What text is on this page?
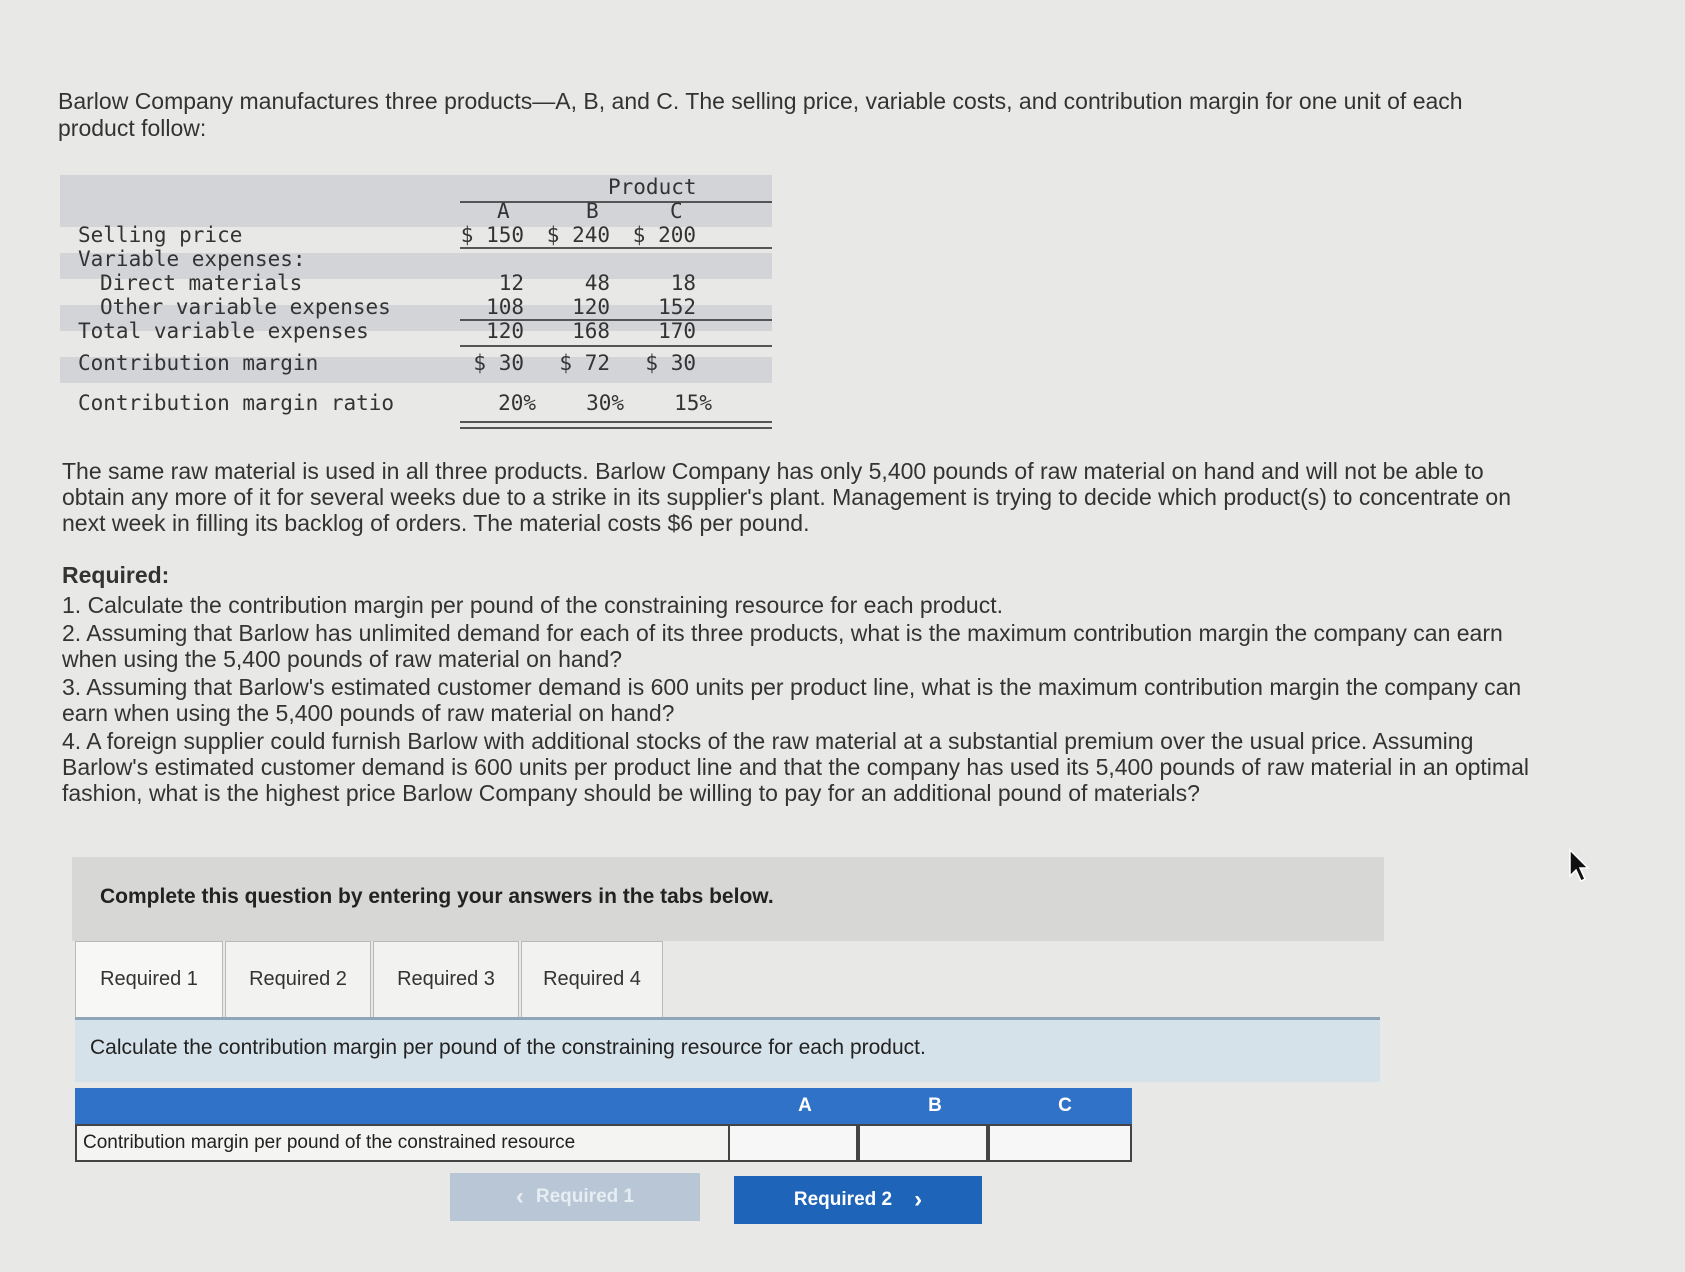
Barlow Company manufactures three products—A, B, and C. The selling price, variable costs, and contribution margin for one unit of each product follow:
Product
A	B	C
Selling price	$ 150	$ 240	$ 200
Variable expenses:
Direct materials	12	48	18
Other variable expenses	108	120	152
Total variable expenses	120	168	170
Contribution margin	$ 30	$ 72	$ 30
Contribution margin ratio	20%	30%	15%
The same raw material is used in all three products. Barlow Company has only 5,400 pounds of raw material on hand and will not be able to obtain any more of it for several weeks due to a strike in its supplier's plant. Management is trying to decide which product(s) to concentrate on next week in filling its backlog of orders. The material costs $6 per pound.
Required:
1. Calculate the contribution margin per pound of the constraining resource for each product.
2. Assuming that Barlow has unlimited demand for each of its three products, what is the maximum contribution margin the company can earn when using the 5,400 pounds of raw material on hand?
3. Assuming that Barlow's estimated customer demand is 600 units per product line, what is the maximum contribution margin the company can earn when using the 5,400 pounds of raw material on hand?
4. A foreign supplier could furnish Barlow with additional stocks of the raw material at a substantial premium over the usual price. Assuming Barlow's estimated customer demand is 600 units per product line and that the company has used its 5,400 pounds of raw material in an optimal fashion, what is the highest price Barlow Company should be willing to pay for an additional pound of materials?
Complete this question by entering your answers in the tabs below.
Required 1	Required 2	Required 3	Required 4
Calculate the contribution margin per pound of the constraining resource for each product.
A	B	C
Contribution margin per pound of the constrained resource
‹ Required 1	Required 2 ›
